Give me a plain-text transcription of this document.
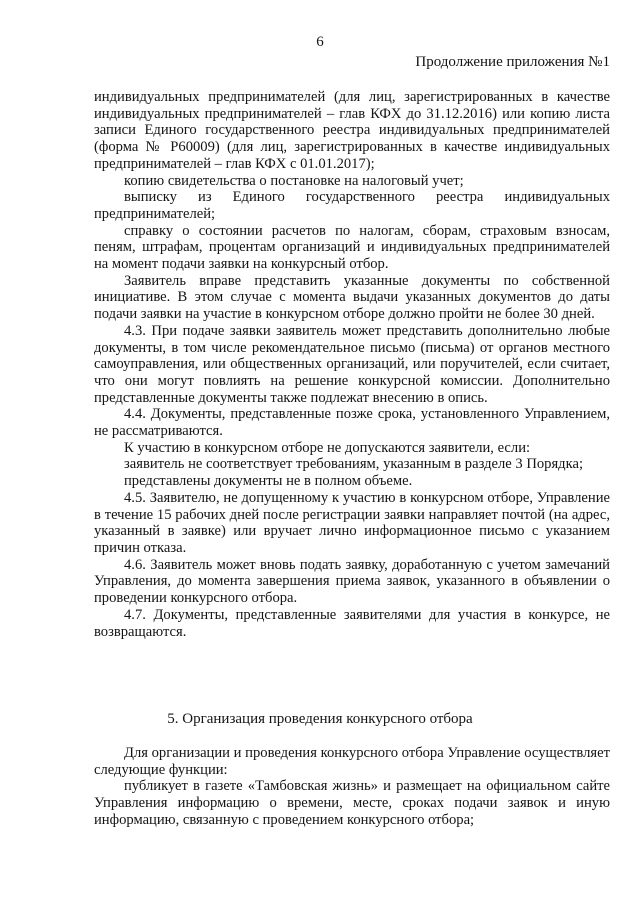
6
Продолжение приложения №1

индивидуальных предпринимателей (для лиц, зарегистрированных в качестве индивидуальных предпринимателей – глав КФХ до 31.12.2016) или копию листа записи Единого государственного реестра индивидуальных предпринимателей (форма № Р60009) (для лиц, зарегистрированных в качестве индивидуальных предпринимателей – глав КФХ с 01.01.2017);

копию свидетельства о постановке на налоговый учет;

выписку из Единого государственного реестра индивидуальных предпринимателей;

справку о состоянии расчетов по налогам, сборам, страховым взносам, пеням, штрафам, процентам организаций и индивидуальных предпринимателей на момент подачи заявки на конкурсный отбор.

Заявитель вправе представить указанные документы по собственной инициативе. В этом случае с момента выдачи указанных документов до даты подачи заявки на участие в конкурсном отборе должно пройти не более 30 дней.

4.3. При подаче заявки заявитель может представить дополнительно любые документы, в том числе рекомендательное письмо (письма) от органов местного самоуправления, или общественных организаций, или поручителей, если считает, что они могут повлиять на решение конкурсной комиссии. Дополнительно представленные документы также подлежат внесению в опись.

4.4. Документы, представленные позже срока, установленного Управлением, не рассматриваются.

К участию в конкурсном отборе не допускаются заявители, если:

заявитель не соответствует требованиям, указанным в разделе 3 Порядка;

представлены документы не в полном объеме.

4.5. Заявителю, не допущенному к участию в конкурсном отборе, Управление в течение 15 рабочих дней после регистрации заявки направляет почтой (на адрес, указанный в заявке) или вручает лично информационное письмо с указанием причин отказа.

4.6. Заявитель может вновь подать заявку, доработанную с учетом замечаний Управления, до момента завершения приема заявок, указанного в объявлении о проведении конкурсного отбора.

4.7. Документы, представленные заявителями для участия в конкурсе, не возвращаются.

5. Организация проведения конкурсного отбора

Для организации и проведения конкурсного отбора Управление осуществляет следующие функции:

публикует в газете «Тамбовская жизнь» и размещает на официальном сайте Управления информацию о времени, месте, сроках подачи заявок и иную информацию, связанную с проведением конкурсного отбора;
